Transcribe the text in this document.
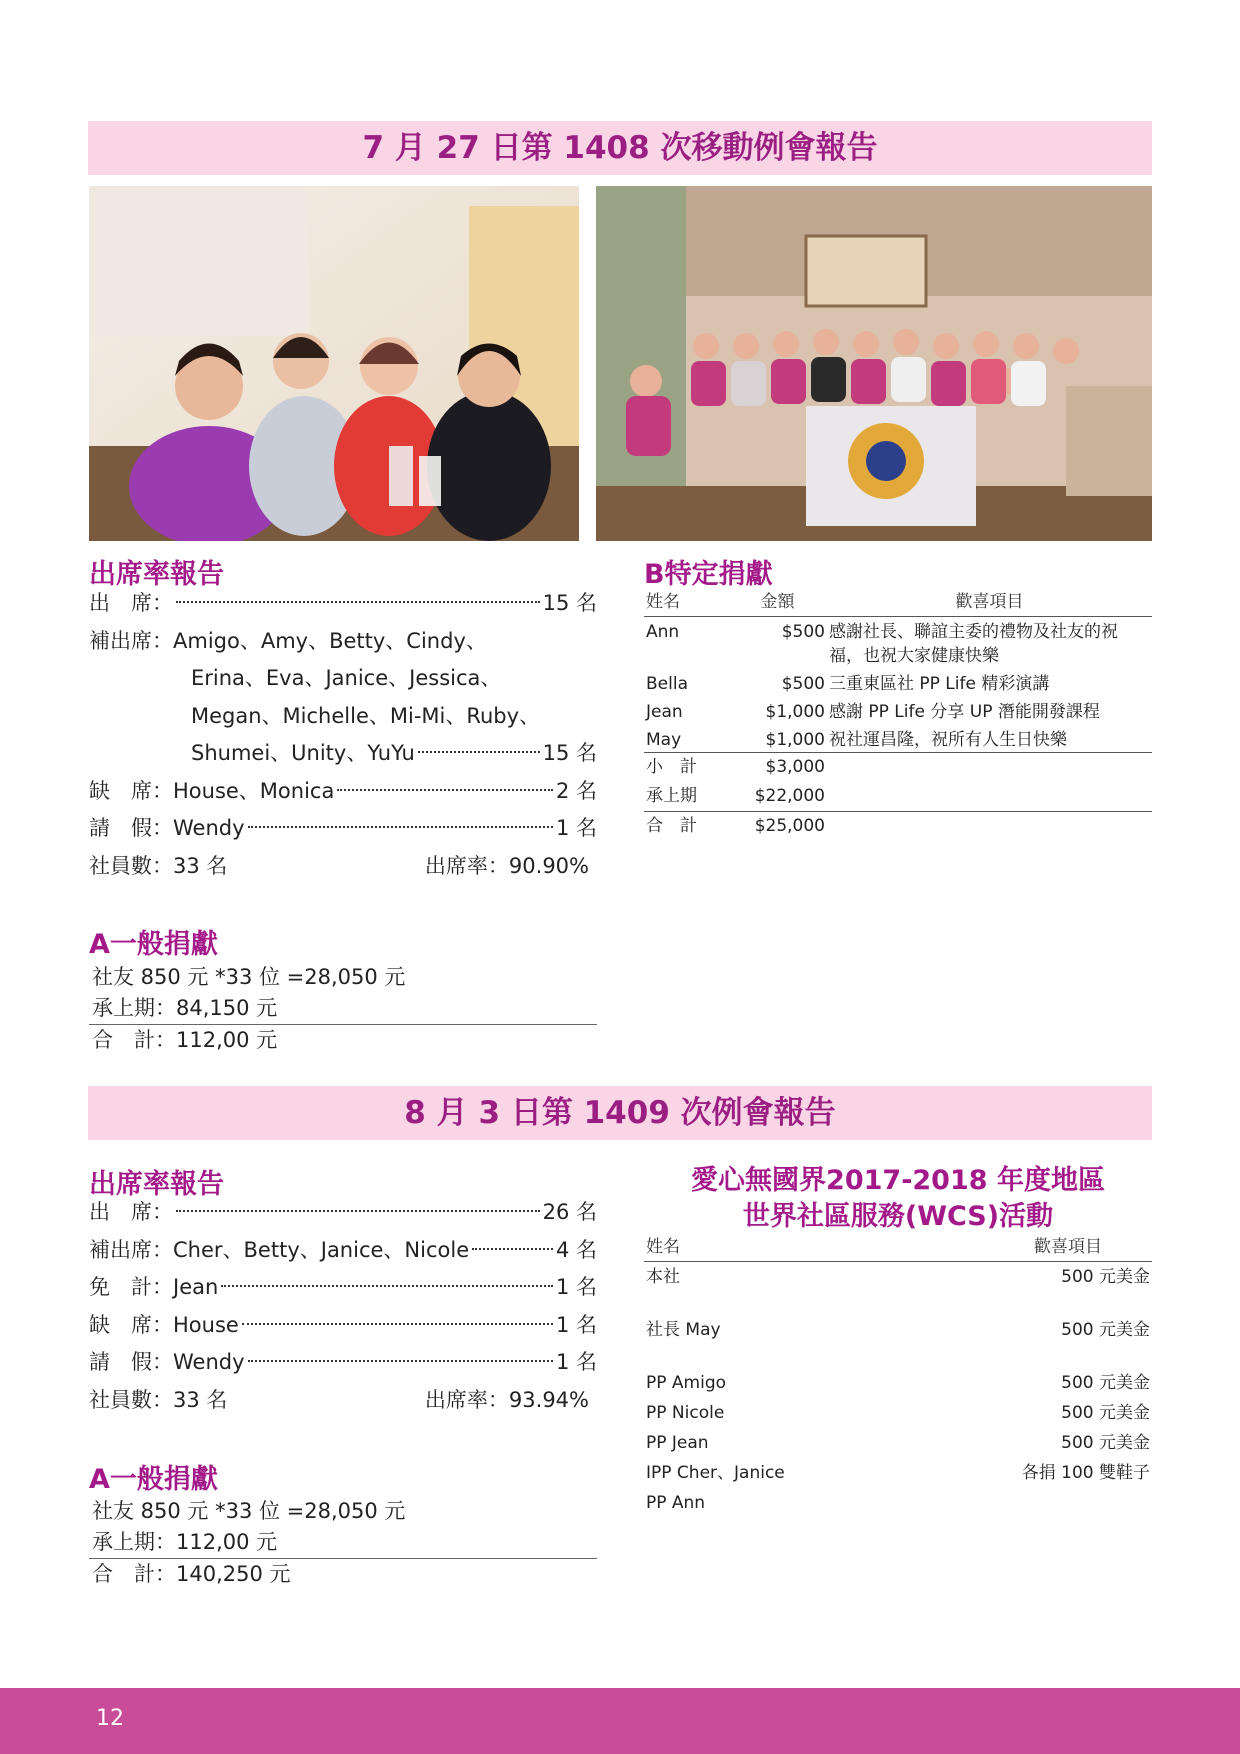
7 月 27 日第 1408 次移動例會報告
出席率報告
出　席：	15 名
補出席： Amigo、Amy、Betty、Cindy、
Erina、Eva、Janice、Jessica、
Megan、Michelle、Mi-Mi、Ruby、
Shumei、Unity、YuYu	15 名
缺　席： House、Monica	2 名
請　假： Wendy	1 名
社員數：33 名	出席率：90.90%
A一般捐獻
社友 850 元 *33 位 =28,050 元
承上期：84,150 元
合　計：112,00 元
B特定捐獻
姓名	金額	歡喜項目
Ann	$500	感謝社長、聯誼主委的禮物及社友的祝福，也祝大家健康快樂
Bella	$500	三重東區社 PP Life 精彩演講
Jean	$1,000	感謝 PP Life 分享 UP 潛能開發課程
May	$1,000	祝社運昌隆，祝所有人生日快樂
小　計	$3,000	
承上期	$22,000	
合　計	$25,000	
8 月 3 日第 1409 次例會報告
出席率報告
出　席：	26 名
補出席： Cher、Betty、Janice、Nicole	4 名
免　計： Jean	1 名
缺　席： House	1 名
請　假： Wendy	1 名
社員數：33 名	出席率：93.94%
A一般捐獻
社友 850 元 *33 位 =28,050 元
承上期：112,00 元
合　計：140,250 元
愛心無國界2017-2018 年度地區
世界社區服務(WCS)活動
姓名	歡喜項目
本社	500 元美金
社長 May	500 元美金
PP Amigo	500 元美金
PP Nicole	500 元美金
PP Jean	500 元美金
IPP Cher、Janice	各捐 100 雙鞋子
PP Ann	
12
